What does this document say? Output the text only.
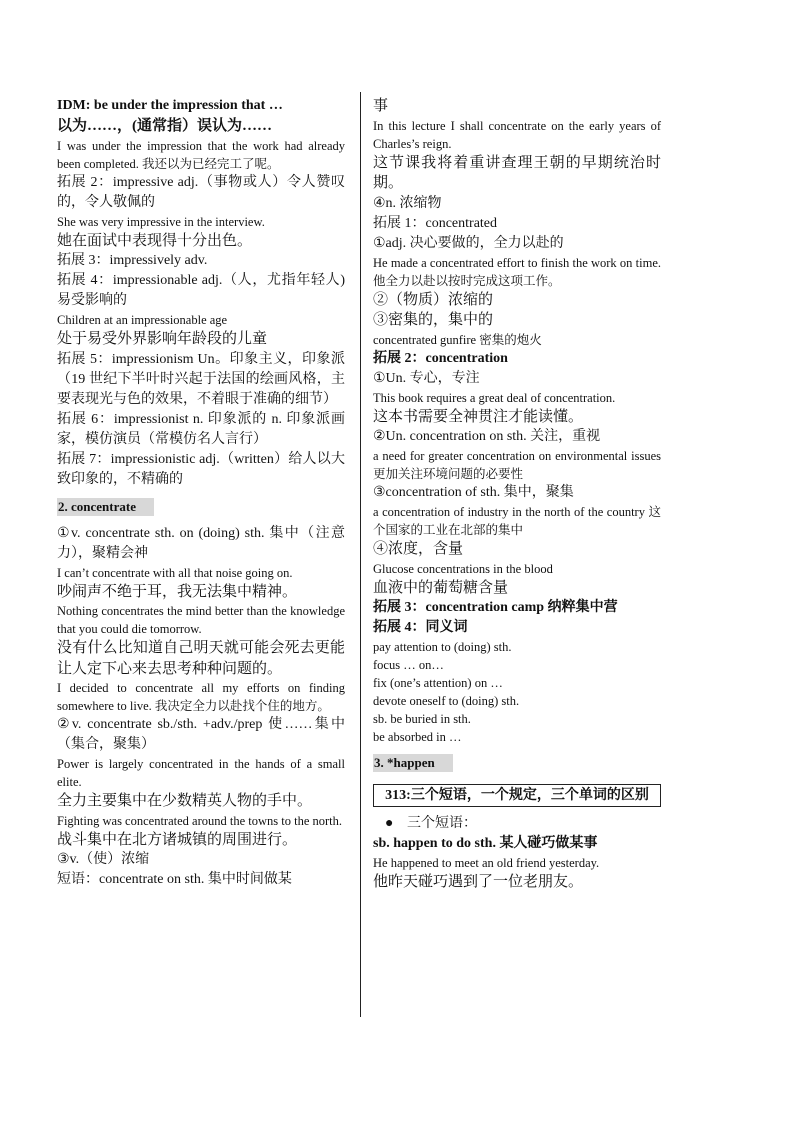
IDM: be under the impression that …

以为……，(通常指）误认为……

I was under the impression that the work had already been completed. 我还以为已经完工了呢。

拓展 2：impressive adj.（事物或人）令人赞叹的，令人敬佩的

She was very impressive in the interview.

她在面试中表现得十分出色。

拓展 3：impressively adv.

拓展 4：impressionable adj.（人，尤指年轻人)易受影响的

Children at an impressionable age

处于易受外界影响年龄段的儿童

拓展 5：impressionism Un。印象主义，印象派（19 世纪下半叶时兴起于法国的绘画风格，主要表现光与色的效果，不着眼于准确的细节）

拓展 6：impressionist n. 印象派的 n. 印象派画家，模仿演员（常模仿名人言行）

拓展 7：impressionistic adj.（written）给人以大致印象的，不精确的

2. concentrate

①v. concentrate sth. on (doing) sth. 集中（注意力），聚精会神

I can’t concentrate with all that noise going on.

吵闹声不绝于耳，我无法集中精神。

Nothing concentrates the mind better than the knowledge that you could die tomorrow.

没有什么比知道自己明天就可能会死去更能让人定下心来去思考种种问题的。

I decided to concentrate all my efforts on finding somewhere to live. 我决定全力以赴找个住的地方。

②v. concentrate sb./sth. +adv./prep 使……集中（集合，聚集）

Power is largely concentrated in the hands of a small elite.

全力主要集中在少数精英人物的手中。

Fighting was concentrated around the towns to the north.

战斗集中在北方诸城镇的周围进行。

③v.（使）浓缩

短语：concentrate on sth. 集中时间做某

事

In this lecture I shall concentrate on the early years of Charles’s reign.

这节课我将着重讲查理王朝的早期统治时期。

④n. 浓缩物

拓展 1：concentrated

①adj. 决心要做的，全力以赴的

He made a concentrated effort to finish the work on time. 他全力以赴以按时完成这项工作。

②（物质）浓缩的

③密集的，集中的

concentrated gunfire 密集的炮火

拓展 2：concentration

①Un. 专心，专注

This book requires a great deal of concentration.

这本书需要全神贯注才能读懂。

②Un. concentration on sth. 关注，重视

a need for greater concentration on environmental issues 更加关注环境问题的必要性

③concentration of sth. 集中，聚集

a concentration of industry in the north of the country 这个国家的工业在北部的集中

④浓度，含量

Glucose concentrations in the blood

血液中的葡萄糖含量

拓展 3：concentration camp 纳粹集中营

拓展 4：同义词

pay attention to (doing) sth.

focus … on…

fix (one’s attention) on …

devote oneself to (doing) sth.

sb. be buried in sth.

be absorbed in …

3. *happen
313:三个短语，一个规定，三个单词的区别

● 三个短语：

sb. happen to do sth. 某人碰巧做某事

He happened to meet an old friend yesterday.

他昨天碰巧遇到了一位老朋友。
